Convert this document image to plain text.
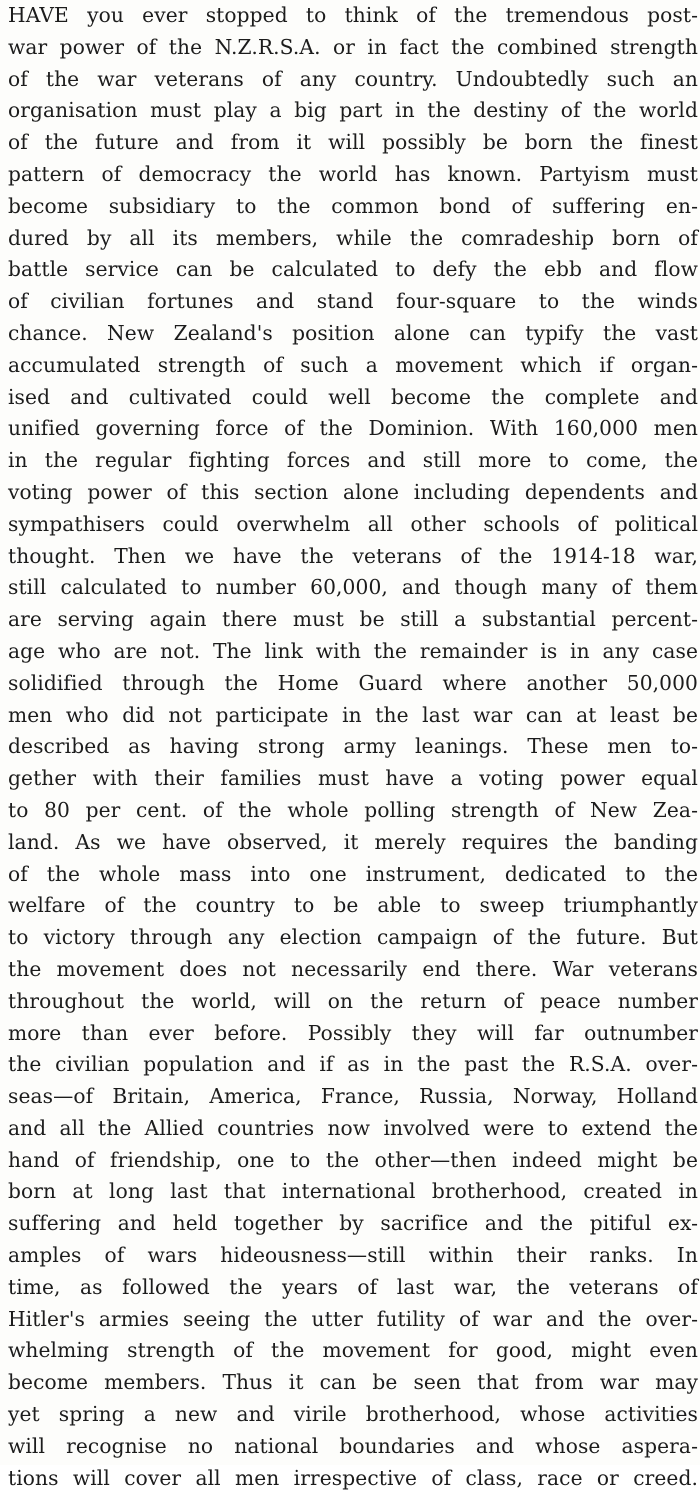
HAVE you ever stopped to think of the tremendous post-
war power of the N.Z.R.S.A. or in fact the combined strength
of the war veterans of any country. Undoubtedly such an
organisation must play a big part in the destiny of the world
of the future and from it will possibly be born the finest
pattern of democracy the world has known. Partyism must
become subsidiary to the common bond of suffering en-
dured by all its members, while the comradeship born of
battle service can be calculated to defy the ebb and flow
of civilian fortunes and stand four-square to the winds
chance. New Zealand's position alone can typify the vast
accumulated strength of such a movement which if organ-
ised and cultivated could well become the complete and
unified governing force of the Dominion. With 160,000 men
in the regular fighting forces and still more to come, the
voting power of this section alone including dependents and
sympathisers could overwhelm all other schools of political
thought. Then we have the veterans of the 1914-18 war,
still calculated to number 60,000, and though many of them
are serving again there must be still a substantial percent-
age who are not. The link with the remainder is in any case
solidified through the Home Guard where another 50,000
men who did not participate in the last war can at least be
described as having strong army leanings. These men to-
gether with their families must have a voting power equal
to 80 per cent. of the whole polling strength of New Zea-
land. As we have observed, it merely requires the banding
of the whole mass into one instrument, dedicated to the
welfare of the country to be able to sweep triumphantly
to victory through any election campaign of the future. But
the movement does not necessarily end there. War veterans
throughout the world, will on the return of peace number
more than ever before. Possibly they will far outnumber
the civilian population and if as in the past the R.S.A. over-
seas—of Britain, America, France, Russia, Norway, Holland
and all the Allied countries now involved were to extend the
hand of friendship, one to the other—then indeed might be
born at long last that international brotherhood, created in
suffering and held together by sacrifice and the pitiful ex-
amples of wars hideousness—still within their ranks. In
time, as followed the years of last war, the veterans of
Hitler's armies seeing the utter futility of war and the over-
whelming strength of the movement for good, might even
become members. Thus it can be seen that from war may
yet spring a new and virile brotherhood, whose activities
will recognise no national boundaries and whose aspera-
tions will cover all men irrespective of class, race or creed.
